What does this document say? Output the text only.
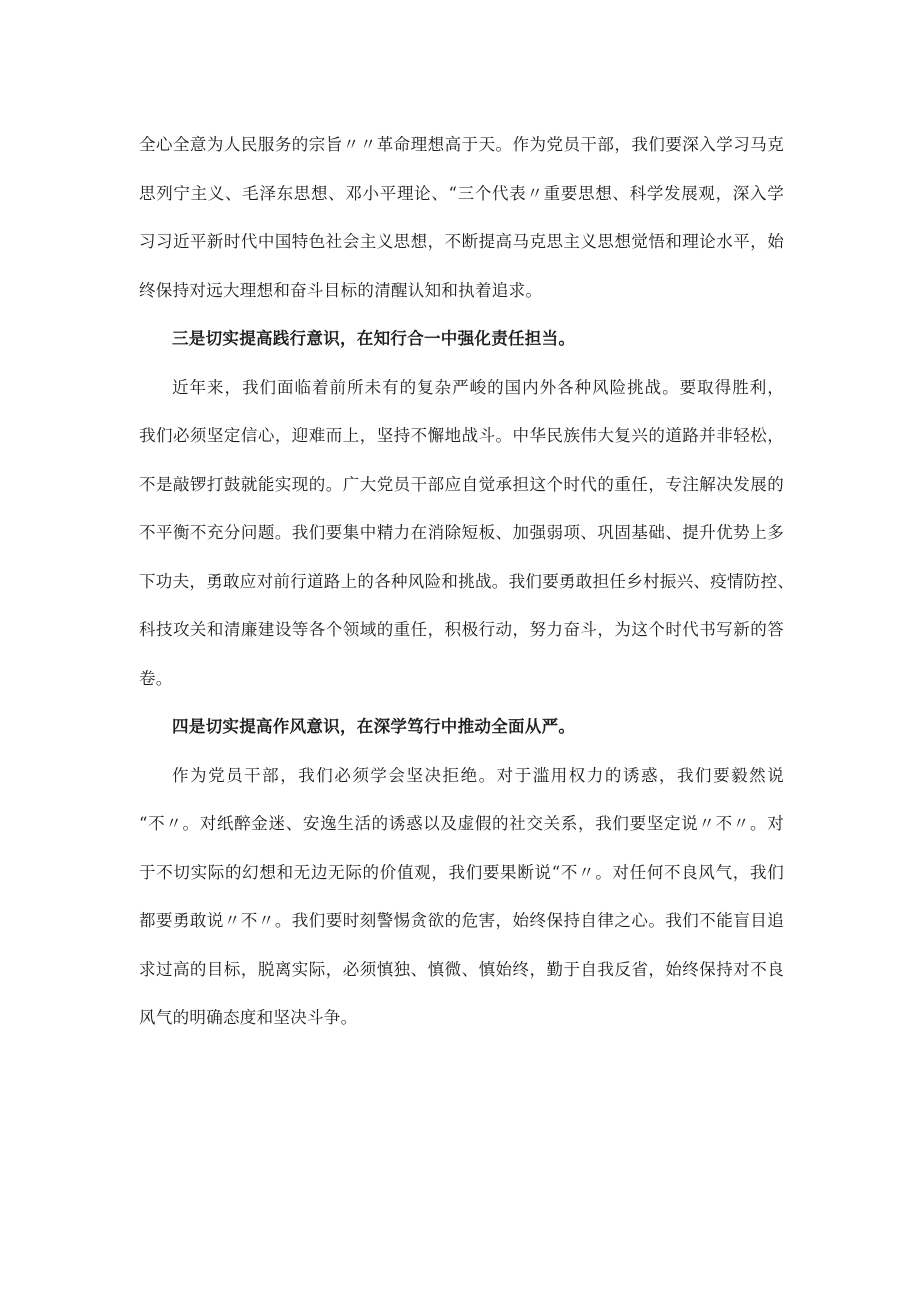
全心全意为人民服务的宗旨〃〃革命理想高于天。作为党员干部，我们要深入学习马克
思列宁主义、毛泽东思想、邓小平理论、“三个代表〃重要思想、科学发展观，深入学
习习近平新时代中国特色社会主义思想，不断提高马克思主义思想觉悟和理论水平，始
终保持对远大理想和奋斗目标的清醒认知和执着追求。
三是切实提高践行意识，在知行合一中强化责任担当。
近年来，我们面临着前所未有的复杂严峻的国内外各种风险挑战。要取得胜利，
我们必须坚定信心，迎难而上，坚持不懈地战斗。中华民族伟大复兴的道路并非轻松，
不是敲锣打鼓就能实现的。广大党员干部应自觉承担这个时代的重任，专注解决发展的
不平衡不充分问题。我们要集中精力在消除短板、加强弱项、巩固基础、提升优势上多
下功夫，勇敢应对前行道路上的各种风险和挑战。我们要勇敢担任乡村振兴、疫情防控、
科技攻关和清廉建设等各个领域的重任，积极行动，努力奋斗，为这个时代书写新的答
卷。
四是切实提高作风意识，在深学笃行中推动全面从严。
作为党员干部，我们必须学会坚决拒绝。对于滥用权力的诱惑，我们要毅然说
“不〃。对纸醉金迷、安逸生活的诱惑以及虚假的社交关系，我们要坚定说〃不〃。对
于不切实际的幻想和无边无际的价值观，我们要果断说“不〃。对任何不良风气，我们
都要勇敢说〃不〃。我们要时刻警惕贪欲的危害，始终保持自律之心。我们不能盲目追
求过高的目标，脱离实际，必须慎独、慎微、慎始终，勤于自我反省，始终保持对不良
风气的明确态度和坚决斗争。
